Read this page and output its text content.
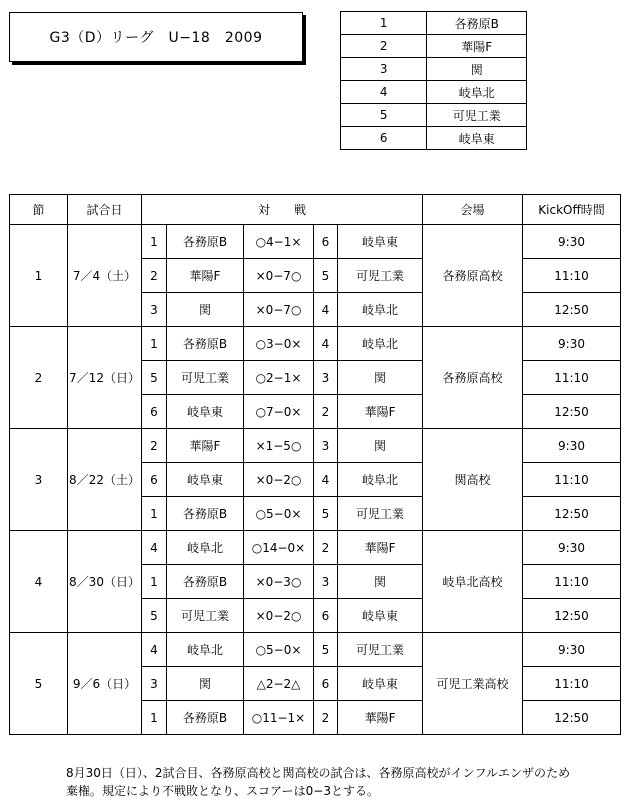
G3（D）リーグ　U−18　2009
1	各務原B
2	華陽F
3	関
4	岐阜北
5	可児工業
6	岐阜東
節	試合日	対　　戦					会場	KickOff時間
1	7／4（土）	1	各務原B	○4−1×	6	岐阜東	各務原高校	9:30
		2	華陽F	×0−7○	5	可児工業		11:10
		3	関	×0−7○	4	岐阜北		12:50
2	7／12（日）	1	各務原B	○3−0×	4	岐阜北	各務原高校	9:30
		5	可児工業	○2−1×	3	関		11:10
		6	岐阜東	○7−0×	2	華陽F		12:50
3	8／22（土）	2	華陽F	×1−5○	3	関	関高校	9:30
		6	岐阜東	×0−2○	4	岐阜北		11:10
		1	各務原B	○5−0×	5	可児工業		12:50
4	8／30（日）	4	岐阜北	○14−0×	2	華陽F	岐阜北高校	9:30
		1	各務原B	×0−3○	3	関		11:10
		5	可児工業	×0−2○	6	岐阜東		12:50
5	9／6（日）	4	岐阜北	○5−0×	5	可児工業	可児工業高校	9:30
		3	関	△2−2△	6	岐阜東		11:10
		1	各務原B	○11−1×	2	華陽F		12:50
8月30日（日）、2試合目、各務原高校と関高校の試合は、各務原高校がインフルエンザのため
棄権。規定により不戦敗となり、スコアーは0−3とする。
